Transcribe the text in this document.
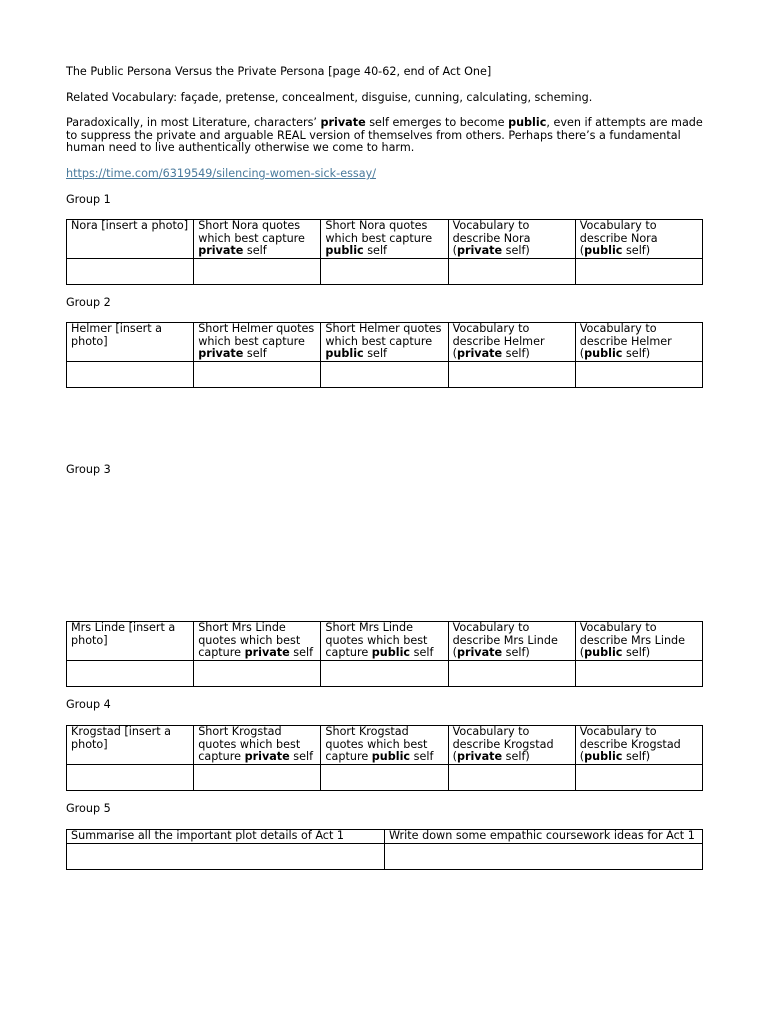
The Public Persona Versus the Private Persona [page 40-62, end of Act One]
Related Vocabulary: façade, pretense, concealment, disguise, cunning, calculating, scheming.
Paradoxically, in most Literature, characters’ private self emerges to become public, even if attempts are made to suppress the private and arguable REAL version of themselves from others. Perhaps there’s a fundamental human need to live authentically otherwise we come to harm.
https://time.com/6319549/silencing-women-sick-essay/
Group 1
Nora [insert a photo]	Short Nora quotes which best capture private self	Short Nora quotes which best capture public self	Vocabulary to describe Nora (private self)	Vocabulary to describe Nora (public self)

Group 2
Helmer [insert a photo]	Short Helmer quotes which best capture private self	Short Helmer quotes which best capture public self	Vocabulary to describe Helmer (private self)	Vocabulary to describe Helmer (public self)

Group 3
Mrs Linde [insert a photo]	Short Mrs Linde quotes which best capture private self	Short Mrs Linde quotes which best capture public self	Vocabulary to describe Mrs Linde (private self)	Vocabulary to describe Mrs Linde (public self)

Group 4
Krogstad [insert a photo]	Short Krogstad quotes which best capture private self	Short Krogstad quotes which best capture public self	Vocabulary to describe Krogstad (private self)	Vocabulary to describe Krogstad (public self)

Group 5
Summarise all the important plot details of Act 1	Write down some empathic coursework ideas for Act 1
